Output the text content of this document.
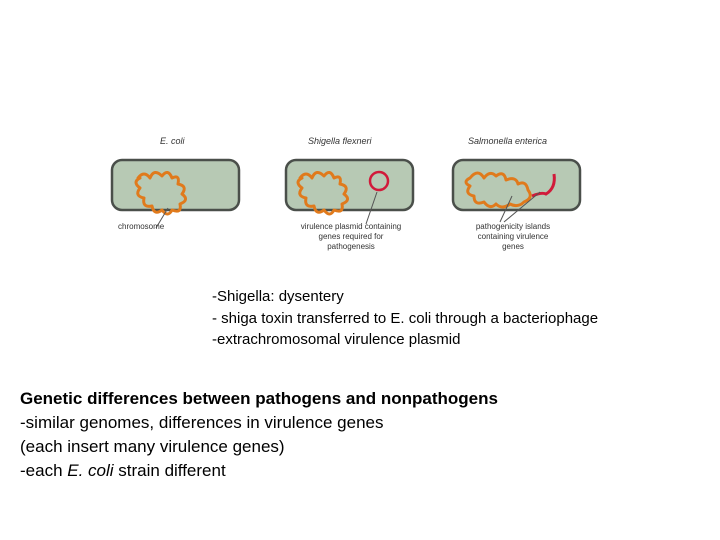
E. coli	Shigella flexneri	Salmonella enterica
chromosome	virulence plasmid containing
genes required for
pathogenesis
pathogenicity islands
containing virulence
genes
-Shigella: dysentery
- shiga toxin transferred to E. coli through a bacteriophage
-extrachromosomal virulence plasmid
Genetic differences between pathogens and nonpathogens
-similar genomes, differences in virulence genes
(each insert many virulence genes)
-each E. coli strain different
